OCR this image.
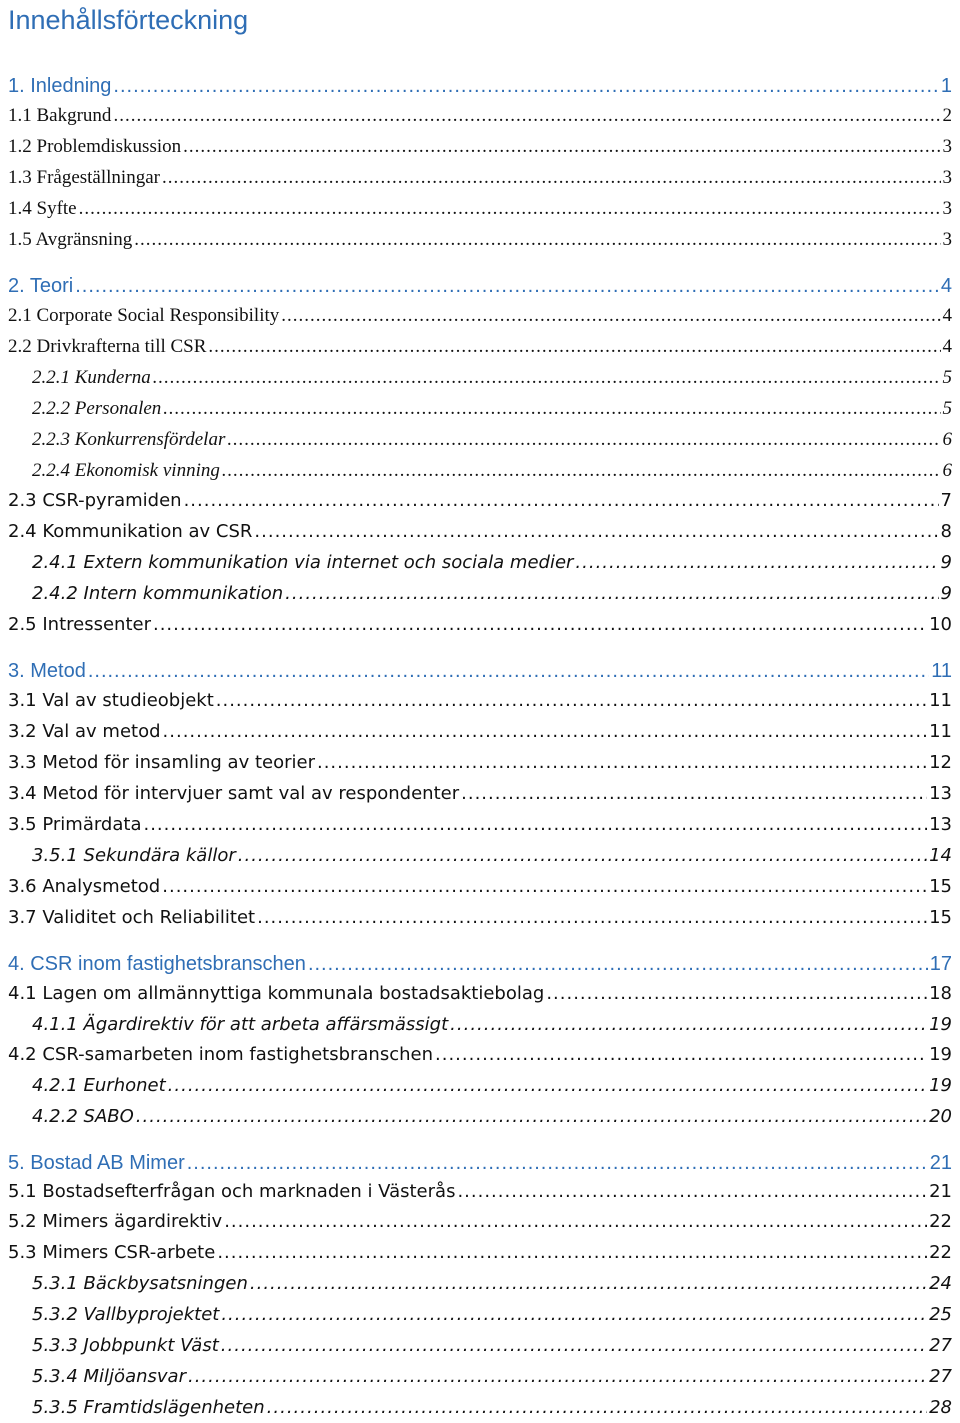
Innehållsförteckning
1. Inledning .....	1
1.1 Bakgrund .....	2
1.2 Problemdiskussion .....	3
1.3 Frågeställningar .....	3
1.4 Syfte .....	3
1.5 Avgränsning .....	3
2. Teori .....	4
2.1 Corporate Social Responsibility .....	4
2.2 Drivkrafterna till CSR .....	4
2.2.1 Kunderna .....	5
2.2.2 Personalen .....	5
2.2.3 Konkurrensfördelar .....	6
2.2.4 Ekonomisk vinning .....	6
2.3 CSR-pyramiden .....	7
2.4 Kommunikation av CSR .....	8
2.4.1 Extern kommunikation via internet och sociala medier .....	9
2.4.2 Intern kommunikation .....	9
2.5 Intressenter .....	10
3. Metod .....	11
3.1 Val av studieobjekt .....	11
3.2 Val av metod .....	11
3.3 Metod för insamling av teorier .....	12
3.4 Metod för intervjuer samt val av respondenter .....	13
3.5 Primärdata .....	13
3.5.1 Sekundära källor .....	14
3.6 Analysmetod .....	15
3.7 Validitet och Reliabilitet .....	15
4. CSR inom fastighetsbranschen .....	17
4.1 Lagen om allmännyttiga kommunala bostadsaktiebolag .....	18
4.1.1 Ägardirektiv för att arbeta affärsmässigt .....	19
4.2 CSR-samarbeten inom fastighetsbranschen .....	19
4.2.1 Eurhonet .....	19
4.2.2 SABO .....	20
5. Bostad AB Mimer .....	21
5.1 Bostadsefterfrågan och marknaden i Västerås .....	21
5.2 Mimers ägardirektiv .....	22
5.3 Mimers CSR-arbete .....	22
5.3.1 Bäckbysatsningen .....	24
5.3.2 Vallbyprojektet .....	25
5.3.3 Jobbpunkt Väst .....	27
5.3.4 Miljöansvar .....	27
5.3.5 Framtidslägenheten .....	28
